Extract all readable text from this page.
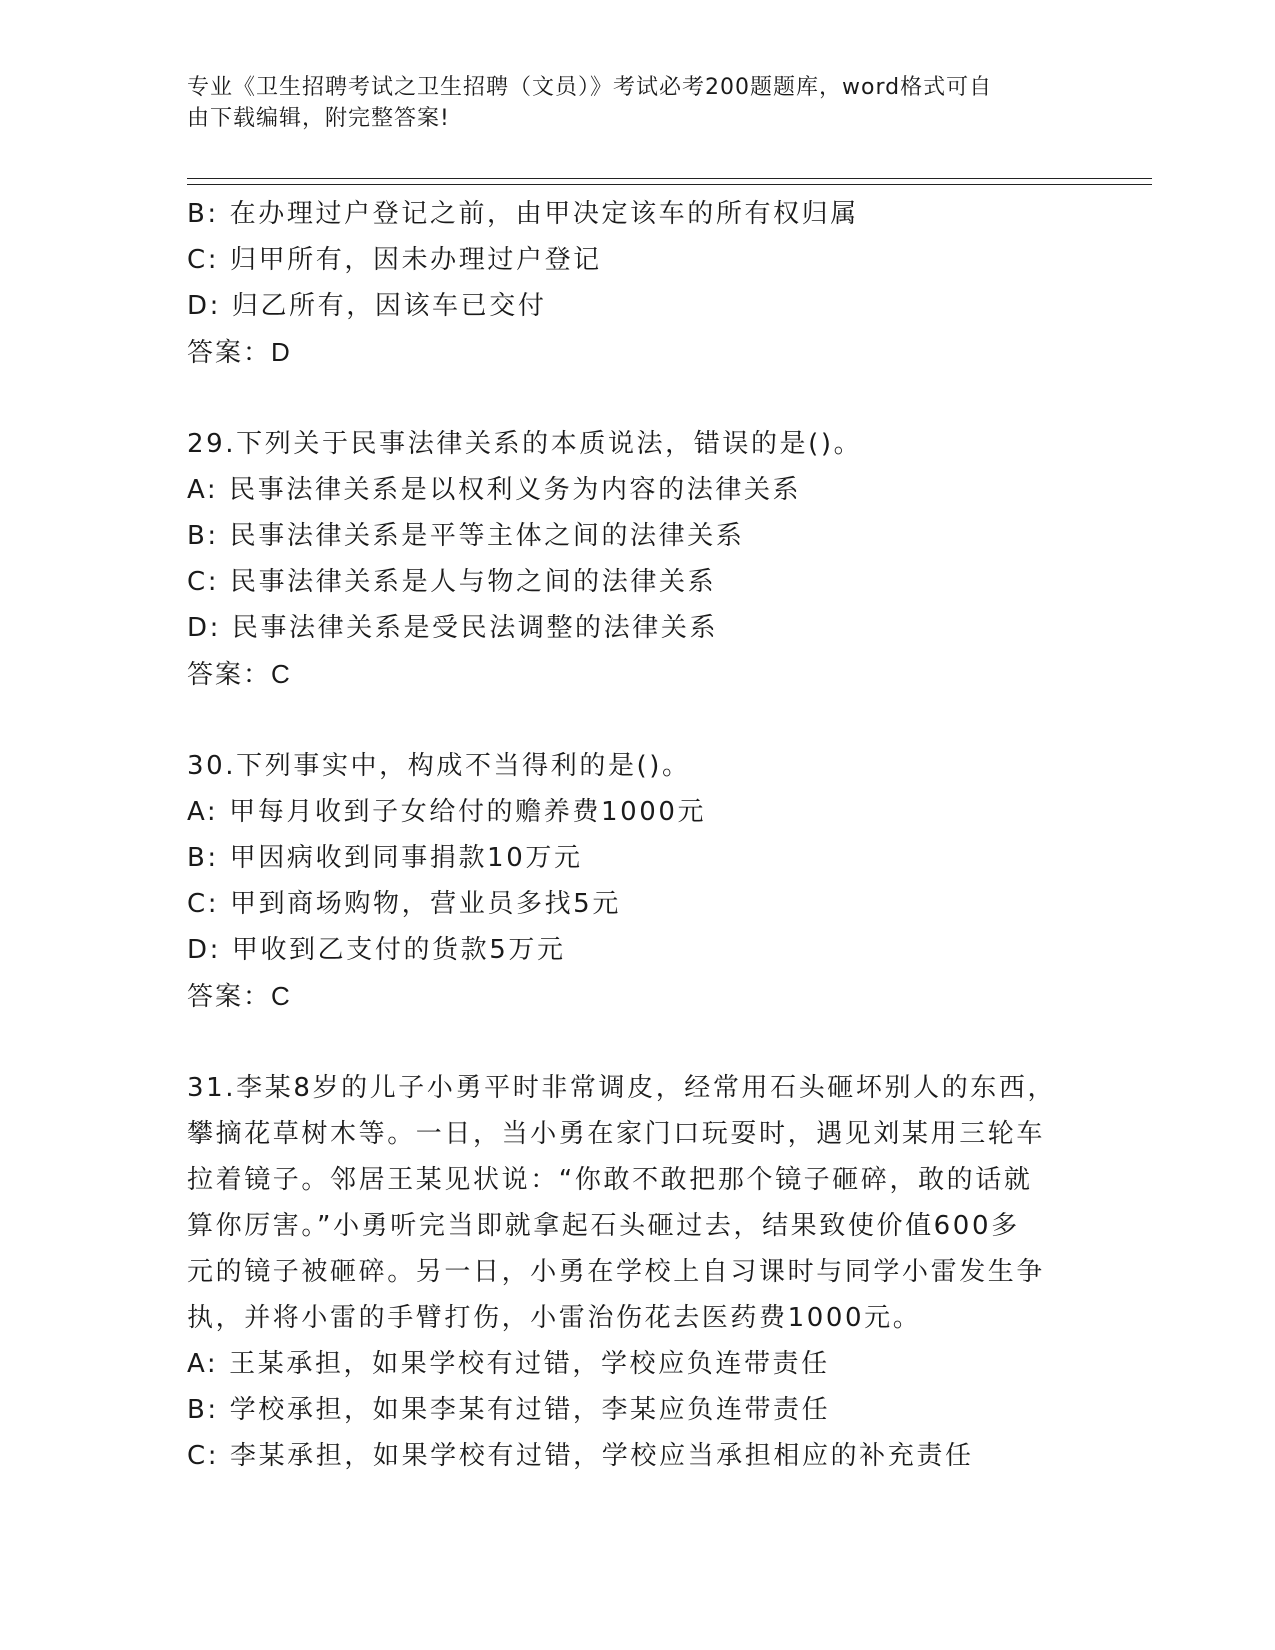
专业《卫生招聘考试之卫生招聘（文员）》考试必考200题题库，word格式可自
由下载编辑，附完整答案!
B: 在办理过户登记之前，由甲决定该车的所有权归属
C: 归甲所有，因未办理过户登记
D: 归乙所有，因该车已交付
答案：D
29.下列关于民事法律关系的本质说法，错误的是()。
A: 民事法律关系是以权利义务为内容的法律关系
B: 民事法律关系是平等主体之间的法律关系
C: 民事法律关系是人与物之间的法律关系
D: 民事法律关系是受民法调整的法律关系
答案：C
30.下列事实中，构成不当得利的是()。
A: 甲每月收到子女给付的赡养费1000元
B: 甲因病收到同事捐款10万元
C: 甲到商场购物，营业员多找5元
D: 甲收到乙支付的货款5万元
答案：C
31.李某8岁的儿子小勇平时非常调皮，经常用石头砸坏别人的东西，
攀摘花草树木等。一日，当小勇在家门口玩耍时，遇见刘某用三轮车
拉着镜子。邻居王某见状说：“你敢不敢把那个镜子砸碎，敢的话就
算你厉害。”小勇听完当即就拿起石头砸过去，结果致使价值600多
元的镜子被砸碎。另一日，小勇在学校上自习课时与同学小雷发生争
执，并将小雷的手臂打伤，小雷治伤花去医药费1000元。
A: 王某承担，如果学校有过错，学校应负连带责任
B: 学校承担，如果李某有过错，李某应负连带责任
C: 李某承担，如果学校有过错，学校应当承担相应的补充责任
